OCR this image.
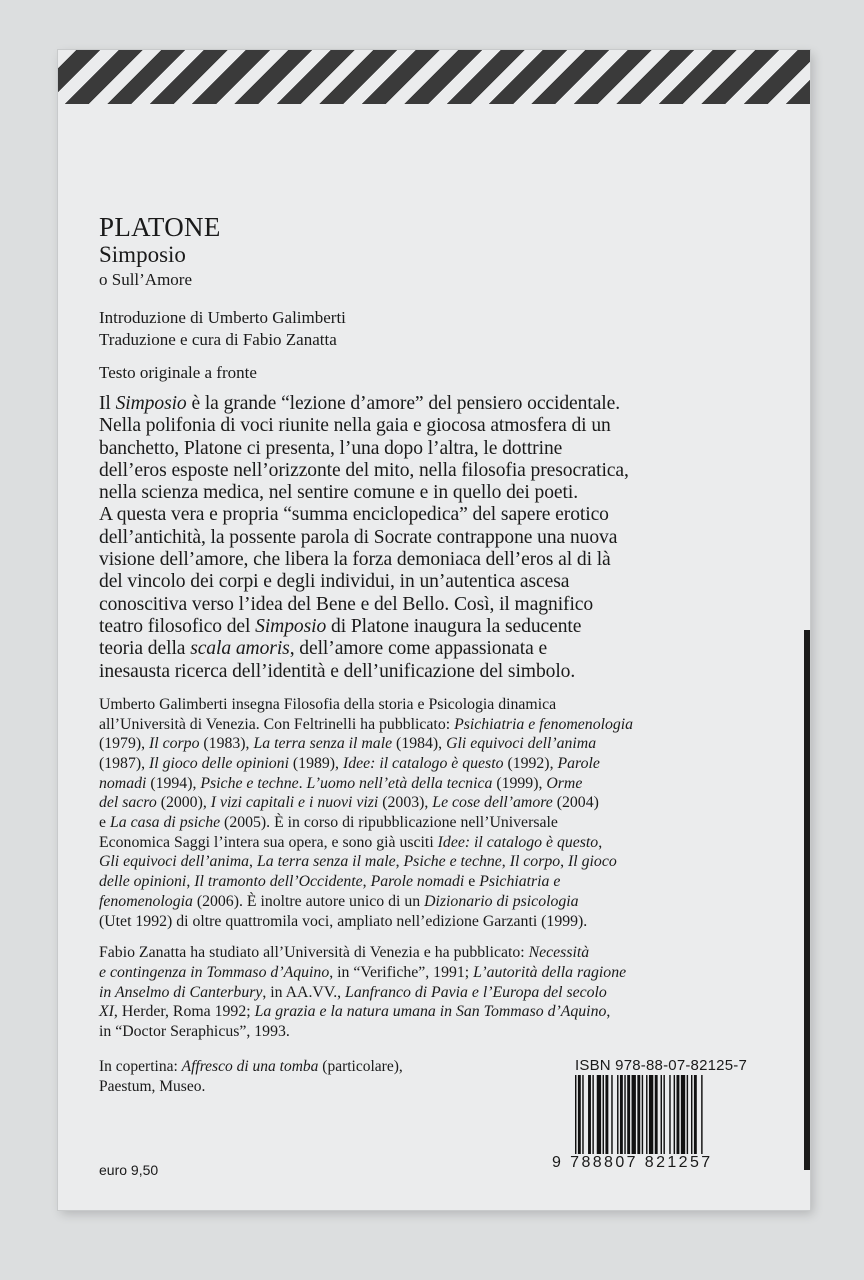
PLATONE
Simposio
o Sull’Amore
Introduzione di Umberto Galimberti
Traduzione e cura di Fabio Zanatta
Testo originale a fronte
Il Simposio è la grande “lezione d’amore” del pensiero occidentale.
Nella polifonia di voci riunite nella gaia e giocosa atmosfera di un
banchetto, Platone ci presenta, l’una dopo l’altra, le dottrine
dell’eros esposte nell’orizzonte del mito, nella filosofia presocratica,
nella scienza medica, nel sentire comune e in quello dei poeti.
A questa vera e propria “summa enciclopedica” del sapere erotico
dell’antichità, la possente parola di Socrate contrappone una nuova
visione dell’amore, che libera la forza demoniaca dell’eros al di là
del vincolo dei corpi e degli individui, in un’autentica ascesa
conoscitiva verso l’idea del Bene e del Bello. Così, il magnifico
teatro filosofico del Simposio di Platone inaugura la seducente
teoria della scala amoris, dell’amore come appassionata e
inesausta ricerca dell’identità e dell’unificazione del simbolo.
Umberto Galimberti insegna Filosofia della storia e Psicologia dinamica
all’Università di Venezia. Con Feltrinelli ha pubblicato: Psichiatria e fenomenologia
(1979), Il corpo (1983), La terra senza il male (1984), Gli equivoci dell’anima
(1987), Il gioco delle opinioni (1989), Idee: il catalogo è questo (1992), Parole
nomadi (1994), Psiche e techne. L’uomo nell’età della tecnica (1999), Orme
del sacro (2000), I vizi capitali e i nuovi vizi (2003), Le cose dell’amore (2004)
e La casa di psiche (2005). È in corso di ripubblicazione nell’Universale
Economica Saggi l’intera sua opera, e sono già usciti Idee: il catalogo è questo,
Gli equivoci dell’anima, La terra senza il male, Psiche e techne, Il corpo, Il gioco
delle opinioni, Il tramonto dell’Occidente, Parole nomadi e Psichiatria e
fenomenologia (2006). È inoltre autore unico di un Dizionario di psicologia
(Utet 1992) di oltre quattromila voci, ampliato nell’edizione Garzanti (1999).
Fabio Zanatta ha studiato all’Università di Venezia e ha pubblicato: Necessità
e contingenza in Tommaso d’Aquino, in “Verifiche”, 1991; L’autorità della ragione
in Anselmo di Canterbury, in AA.VV., Lanfranco di Pavia e l’Europa del secolo
XI, Herder, Roma 1992; La grazia e la natura umana in San Tommaso d’Aquino,
in “Doctor Seraphicus”, 1993.
In copertina: Affresco di una tomba (particolare),
Paestum, Museo.
euro 9,50
ISBN 978-88-07-82125-7
9 788807 821257
